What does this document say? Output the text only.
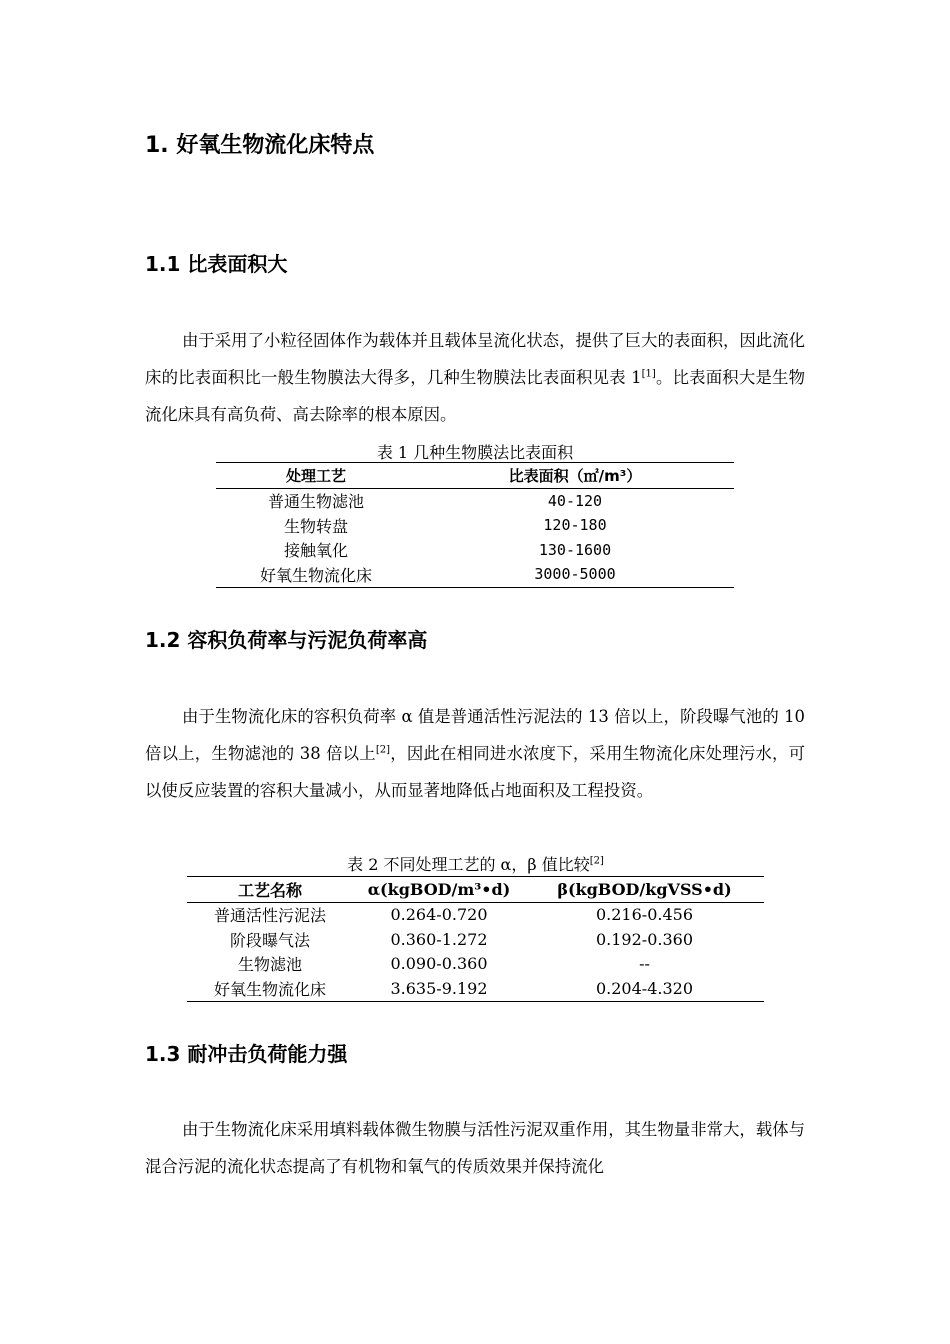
1. 好氧生物流化床特点
1.1 比表面积大

由于采用了小粒径固体作为载体并且载体呈流化状态，提供了巨大的表面积，因此流化床的比表面积比一般生物膜法大得多，几种生物膜法比表面积见表 1[1]。比表面积大是生物流化床具有高负荷、高去除率的根本原因。

表 1 几种生物膜法比表面积
处理工艺	比表面积（㎡/m³）
普通生物滤池	40-120
生物转盘	120-180
接触氧化	130-1600
好氧生物流化床	3000-5000
1.2 容积负荷率与污泥负荷率高

由于生物流化床的容积负荷率 α 值是普通活性污泥法的 13 倍以上，阶段曝气池的 10 倍以上，生物滤池的 38 倍以上[2]，因此在相同进水浓度下，采用生物流化床处理污水，可以使反应装置的容积大量减小，从而显著地降低占地面积及工程投资。

表 2 不同处理工艺的 α，β 值比较[2]
工艺名称	α(kgBOD/m³•d)	β(kgBOD/kgVSS•d)
普通活性污泥法	0.264-0.720	0.216-0.456
阶段曝气法	0.360-1.272	0.192-0.360
生物滤池	0.090-0.360	--
好氧生物流化床	3.635-9.192	0.204-4.320
1.3 耐冲击负荷能力强

由于生物流化床采用填料载体微生物膜与活性污泥双重作用，其生物量非常大，载体与混合污泥的流化状态提高了有机物和氧气的传质效果并保持流化
